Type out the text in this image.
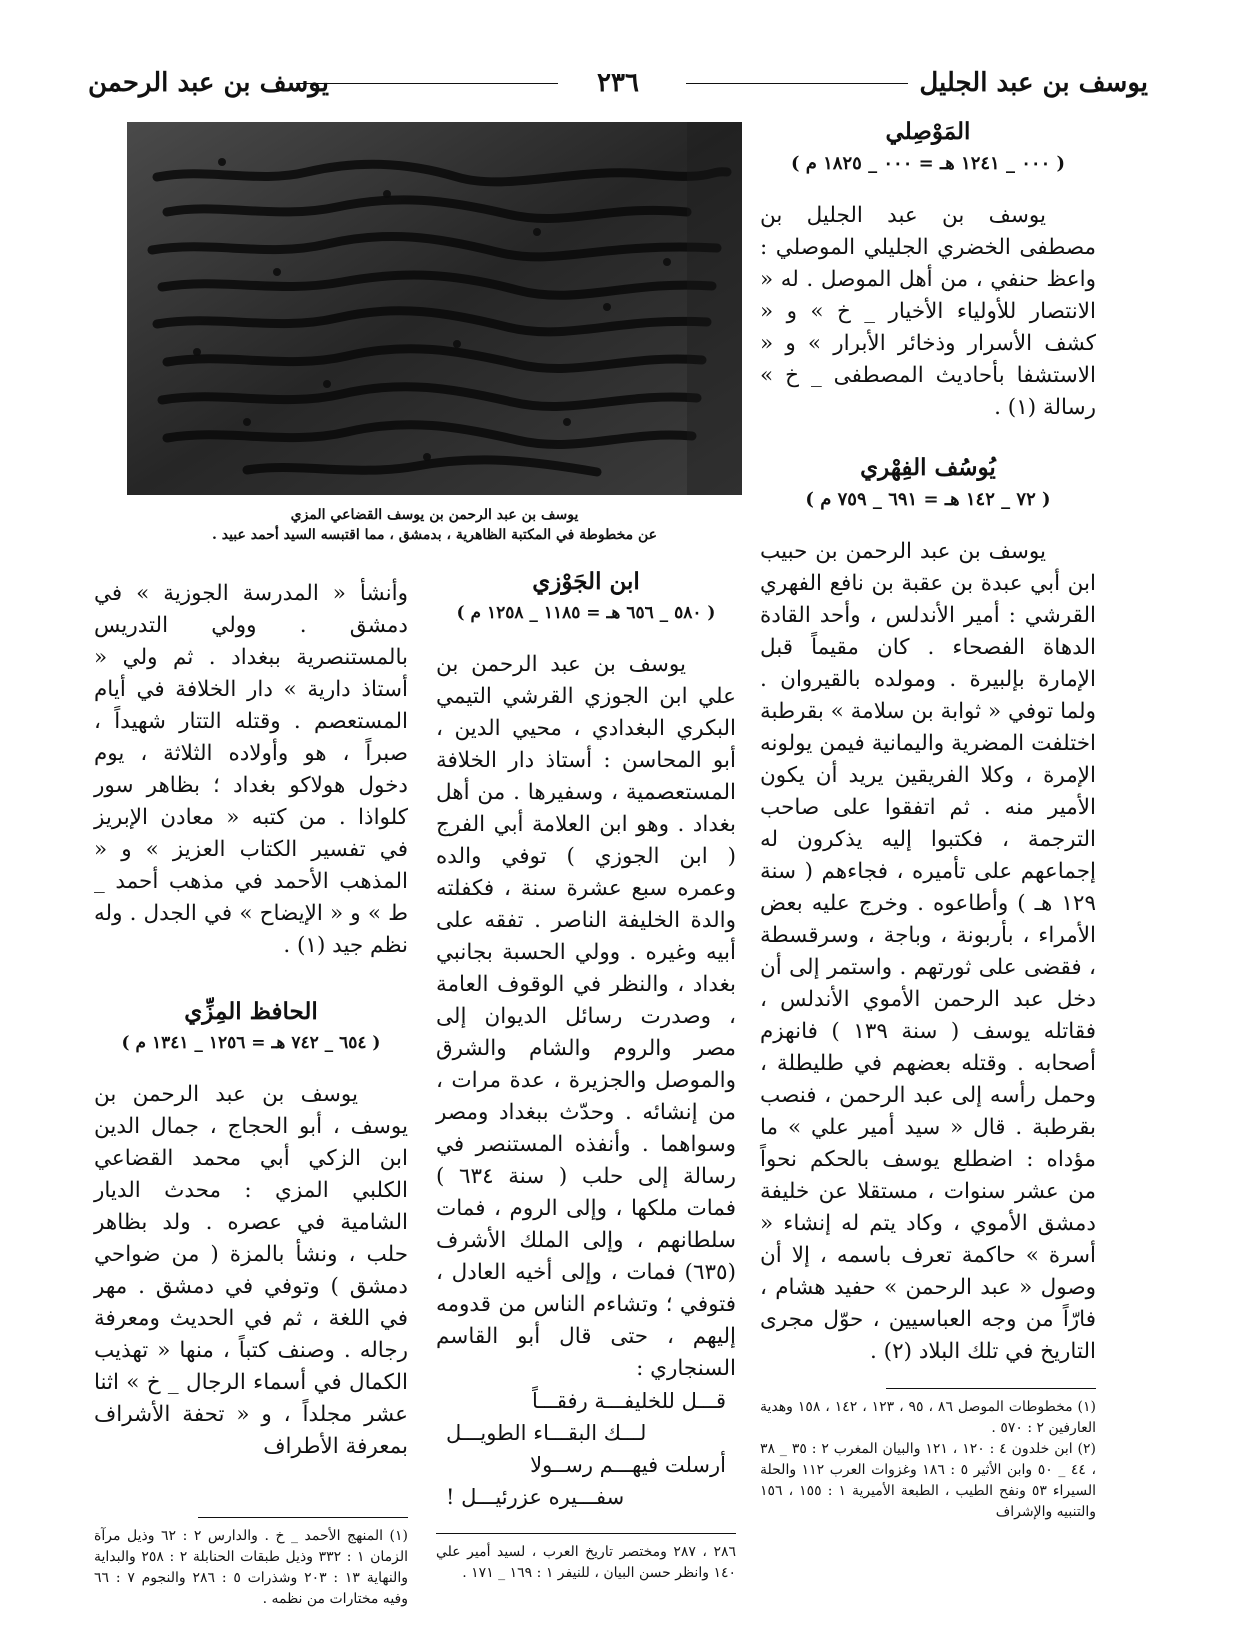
يوسف بن عبد الجليل
٢٣٦
يوسف بن عبد الرحمن
المَوْصِلي
( ٠٠٠ _ ١٢٤١ هـ = ٠٠٠ _ ١٨٢٥ م )

يوسف بن عبد الجليل بن مصطفى الخضري الجليلي الموصلي : واعظ حنفي ، من أهل الموصل . له « الانتصار للأولياء الأخيار _ خ » و « كشف الأسرار وذخائر الأبرار » و « الاستشفا بأحاديث المصطفى _ خ » رسالة (١) .

يُوسُف الفِهْري
( ٧٢ _ ١٤٢ هـ = ٦٩١ _ ٧٥٩ م )

يوسف بن عبد الرحمن بن حبيب ابن أبي عبدة بن عقبة بن نافع الفهري القرشي : أمير الأندلس ، وأحد القادة الدهاة الفصحاء . كان مقيماً قبل الإمارة بإلبيرة . ومولده بالقيروان . ولما توفي « ثوابة بن سلامة » بقرطبة اختلفت المضرية واليمانية فيمن يولونه الإمرة ، وكلا الفريقين يريد أن يكون الأمير منه . ثم اتفقوا على صاحب الترجمة ، فكتبوا إليه يذكرون له إجماعهم على تأميره ، فجاءهم ( سنة ١٢٩ هـ ) وأطاعوه . وخرج عليه بعض الأمراء ، بأربونة ، وباجة ، وسرقسطة ، فقضى على ثورتهم . واستمر إلى أن دخل عبد الرحمن الأموي الأندلس ، فقاتله يوسف ( سنة ١٣٩ ) فانهزم أصحابه . وقتله بعضهم في طليطلة ، وحمل رأسه إلى عبد الرحمن ، فنصب بقرطبة . قال « سيد أمير علي » ما مؤداه : اضطلع يوسف بالحكم نحواً من عشر سنوات ، مستقلا عن خليفة دمشق الأموي ، وكاد يتم له إنشاء « أسرة » حاكمة تعرف باسمه ، إلا أن وصول « عبد الرحمن » حفيد هشام ، فارّاً من وجه العباسيين ، حوّل مجرى التاريخ في تلك البلاد (٢) .

(١) مخطوطات الموصل ٨٦ ، ٩٥ ، ١٢٣ ، ١٤٢ ، ١٥٨ وهدية العارفين ٢ : ٥٧٠ .

(٢) ابن خلدون ٤ : ١٢٠ ، ١٢١ والبيان المغرب ٢ : ٣٥ _ ٣٨ ، ٤٤ _ ٥٠ وابن الأثير ٥ : ١٨٦ وغزوات العرب ١١٢ والحلة السيراء ٥٣ ونفح الطيب ، الطبعة الأميرية ١ : ١٥٥ ، ١٥٦ والتنبيه والإشراف

يوسف بن عبد الرحمن بن يوسف القضاعي المزي
عن مخطوطة في المكتبة الظاهرية ، بدمشق ، مما اقتبسه السيد أحمد عبيد .
ابن الجَوْزي
( ٥٨٠ _ ٦٥٦ هـ = ١١٨٥ _ ١٢٥٨ م )

يوسف بن عبد الرحمن بن علي ابن الجوزي القرشي التيمي البكري البغدادي ، محيي الدين ، أبو المحاسن : أستاذ دار الخلافة المستعصمية ، وسفيرها . من أهل بغداد . وهو ابن العلامة أبي الفرج ( ابن الجوزي ) توفي والده وعمره سبع عشرة سنة ، فكفلته والدة الخليفة الناصر . تفقه على أبيه وغيره . وولي الحسبة بجانبي بغداد ، والنظر في الوقوف العامة ، وصدرت رسائل الديوان إلى مصر والروم والشام والشرق والموصل والجزيرة ، عدة مرات ، من إنشائه . وحدّث ببغداد ومصر وسواهما . وأنفذه المستنصر في رسالة إلى حلب ( سنة ٦٣٤ ) فمات ملكها ، وإلى الروم ، فمات سلطانهم ، وإلى الملك الأشرف (٦٣٥) فمات ، وإلى أخيه العادل ، فتوفي ؛ وتشاءم الناس من قدومه إليهم ، حتى قال أبو القاسم السنجاري :

قـــل للخليفـــة رفقـــاً
لـــك البقـــاء الطويـــل
أرسلت فيهـــم رســولا
سفـــيره عزرئيـــل !

٢٨٦ ، ٢٨٧ ومختصر تاريخ العرب ، لسيد أمير علي ١٤٠ وانظر حسن البيان ، للنيفر ١ : ١٦٩ _ ١٧١ .

وأنشأ « المدرسة الجوزية » في دمشق . وولي التدريس بالمستنصرية ببغداد . ثم ولي « أستاذ دارية » دار الخلافة في أيام المستعصم . وقتله التتار شهيداً ، صبراً ، هو وأولاده الثلاثة ، يوم دخول هولاكو بغداد ؛ بظاهر سور كلواذا . من كتبه « معادن الإبريز في تفسير الكتاب العزيز » و « المذهب الأحمد في مذهب أحمد _ ط » و « الإيضاح » في الجدل . وله نظم جيد (١) .

الحافظ المِزِّي
( ٦٥٤ _ ٧٤٢ هـ = ١٢٥٦ _ ١٣٤١ م )

يوسف بن عبد الرحمن بن يوسف ، أبو الحجاج ، جمال الدين ابن الزكي أبي محمد القضاعي الكلبي المزي : محدث الديار الشامية في عصره . ولد بظاهر حلب ، ونشأ بالمزة ( من ضواحي دمشق ) وتوفي في دمشق . مهر في اللغة ، ثم في الحديث ومعرفة رجاله . وصنف كتباً ، منها « تهذيب الكمال في أسماء الرجال _ خ » اثنا عشر مجلداً ، و « تحفة الأشراف بمعرفة الأطراف

(١) المنهج الأحمد _ خ . والدارس ٢ : ٦٢ وذيل مرآة الزمان ١ : ٣٣٢ وذيل طبقات الحنابلة ٢ : ٢٥٨ والبداية والنهاية ١٣ : ٢٠٣ وشذرات ٥ : ٢٨٦ والنجوم ٧ : ٦٦ وفيه مختارات من نظمه .
